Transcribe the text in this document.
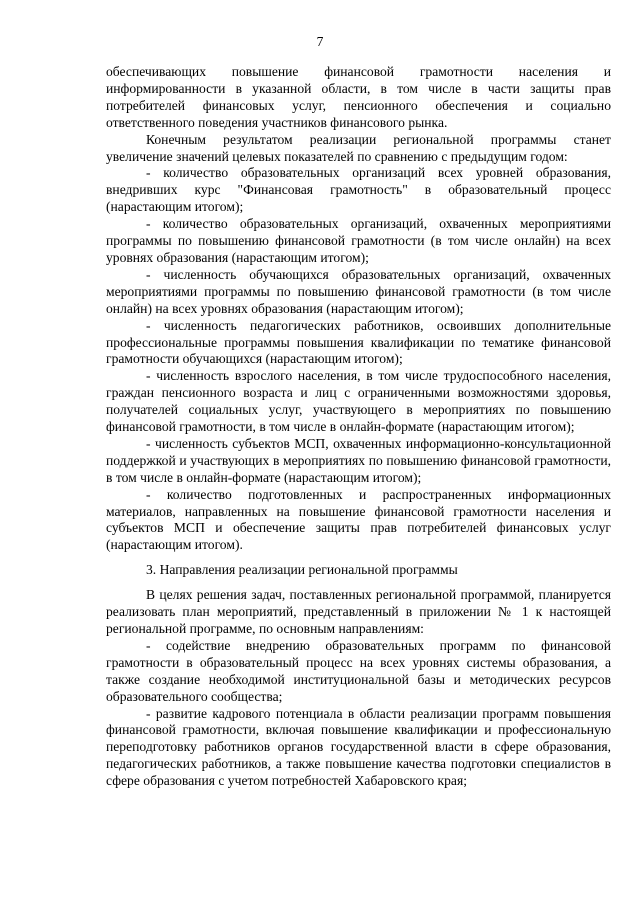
7

обеспечивающих повышение финансовой грамотности населения и информированности в указанной области, в том числе в части защиты прав потребителей финансовых услуг, пенсионного обеспечения и социально ответственного поведения участников финансового рынка.

Конечным результатом реализации региональной программы станет увеличение значений целевых показателей по сравнению с предыдущим годом:

- количество образовательных организаций всех уровней образования, внедривших курс "Финансовая грамотность" в образовательный процесс (нарастающим итогом);

- количество образовательных организаций, охваченных мероприятиями программы по повышению финансовой грамотности (в том числе онлайн) на всех уровнях образования (нарастающим итогом);

- численность обучающихся образовательных организаций, охваченных мероприятиями программы по повышению финансовой грамотности (в том числе онлайн) на всех уровнях образования (нарастающим итогом);

- численность педагогических работников, освоивших дополнительные профессиональные программы повышения квалификации по тематике финансовой грамотности обучающихся (нарастающим итогом);

- численность взрослого населения, в том числе трудоспособного населения, граждан пенсионного возраста и лиц с ограниченными возможностями здоровья, получателей социальных услуг, участвующего в мероприятиях по повышению финансовой грамотности, в том числе в онлайн-формате (нарастающим итогом);

- численность субъектов МСП, охваченных информационно-консультационной поддержкой и участвующих в мероприятиях по повышению финансовой грамотности, в том числе в онлайн-формате (нарастающим итогом);

- количество подготовленных и распространенных информационных материалов, направленных на повышение финансовой грамотности населения и субъектов МСП и обеспечение защиты прав потребителей финансовых услуг (нарастающим итогом).

3. Направления реализации региональной программы

В целях решения задач, поставленных региональной программой, планируется реализовать план мероприятий, представленный в приложении № 1 к настоящей региональной программе, по основным направлениям:

- содействие внедрению образовательных программ по финансовой грамотности в образовательный процесс на всех уровнях системы образования, а также создание необходимой институциональной базы и методических ресурсов образовательного сообщества;

- развитие кадрового потенциала в области реализации программ повышения финансовой грамотности, включая повышение квалификации и профессиональную переподготовку работников органов государственной власти в сфере образования, педагогических работников, а также повышение качества подготовки специалистов в сфере образования с учетом потребностей Хабаровского края;
